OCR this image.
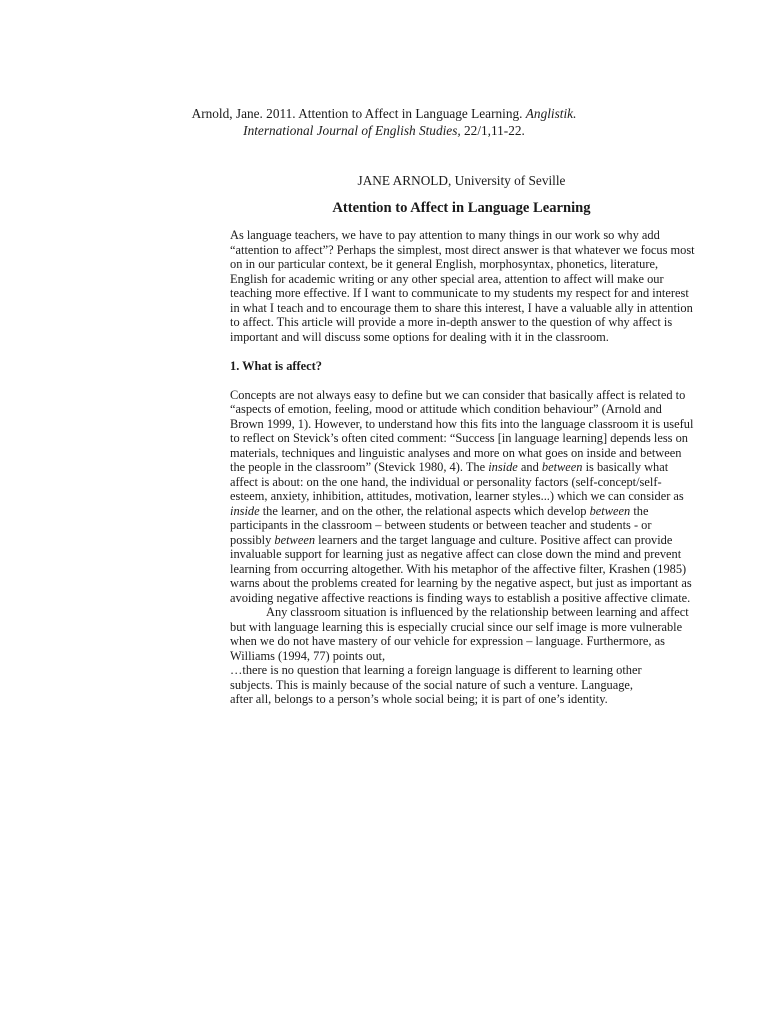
Arnold, Jane. 2011. Attention to Affect in Language Learning. Anglistik.

International Journal of English Studies, 22/1,11-22.

JANE ARNOLD, University of Seville
Attention to Affect in Language Learning

As language teachers, we have to pay attention to many things in our work so why add “attention to affect”? Perhaps the simplest, most direct answer is that whatever we focus most on in our particular context, be it general English, morphosyntax, phonetics, literature, English for academic writing or any other special area, attention to affect will make our teaching more effective. If I want to communicate to my students my respect for and interest in what I teach and to encourage them to share this interest, I have a valuable ally in attention to affect. This article will provide a more in-depth answer to the question of why affect is important and will discuss some options for dealing with it in the classroom.

1. What is affect?

Concepts are not always easy to define but we can consider that basically affect is related to “aspects of emotion, feeling, mood or attitude which condition behaviour” (Arnold and Brown 1999, 1). However, to understand how this fits into the language classroom it is useful to reflect on Stevick’s often cited comment: “Success [in language learning] depends less on materials, techniques and linguistic analyses and more on what goes on inside and between the people in the classroom” (Stevick 1980, 4). The inside and between is basically what affect is about: on the one hand, the individual or personality factors (self-concept/self-esteem, anxiety, inhibition, attitudes, motivation, learner styles...) which we can consider as inside the learner, and on the other, the relational aspects which develop between the participants in the classroom – between students or between teacher and students - or possibly between learners and the target language and culture. Positive affect can provide invaluable support for learning just as negative affect can close down the mind and prevent learning from occurring altogether. With his metaphor of the affective filter, Krashen (1985) warns about the problems created for learning by the negative aspect, but just as important as avoiding negative affective reactions is finding ways to establish a positive affective climate.

Any classroom situation is influenced by the relationship between learning and affect but with language learning this is especially crucial since our self image is more vulnerable when we do not have mastery of our vehicle for expression – language. Furthermore, as Williams (1994, 77) points out,

…there is no question that learning a foreign language is different to learning other subjects. This is mainly because of the social nature of such a venture. Language, after all, belongs to a person’s whole social being; it is part of one’s identity.
